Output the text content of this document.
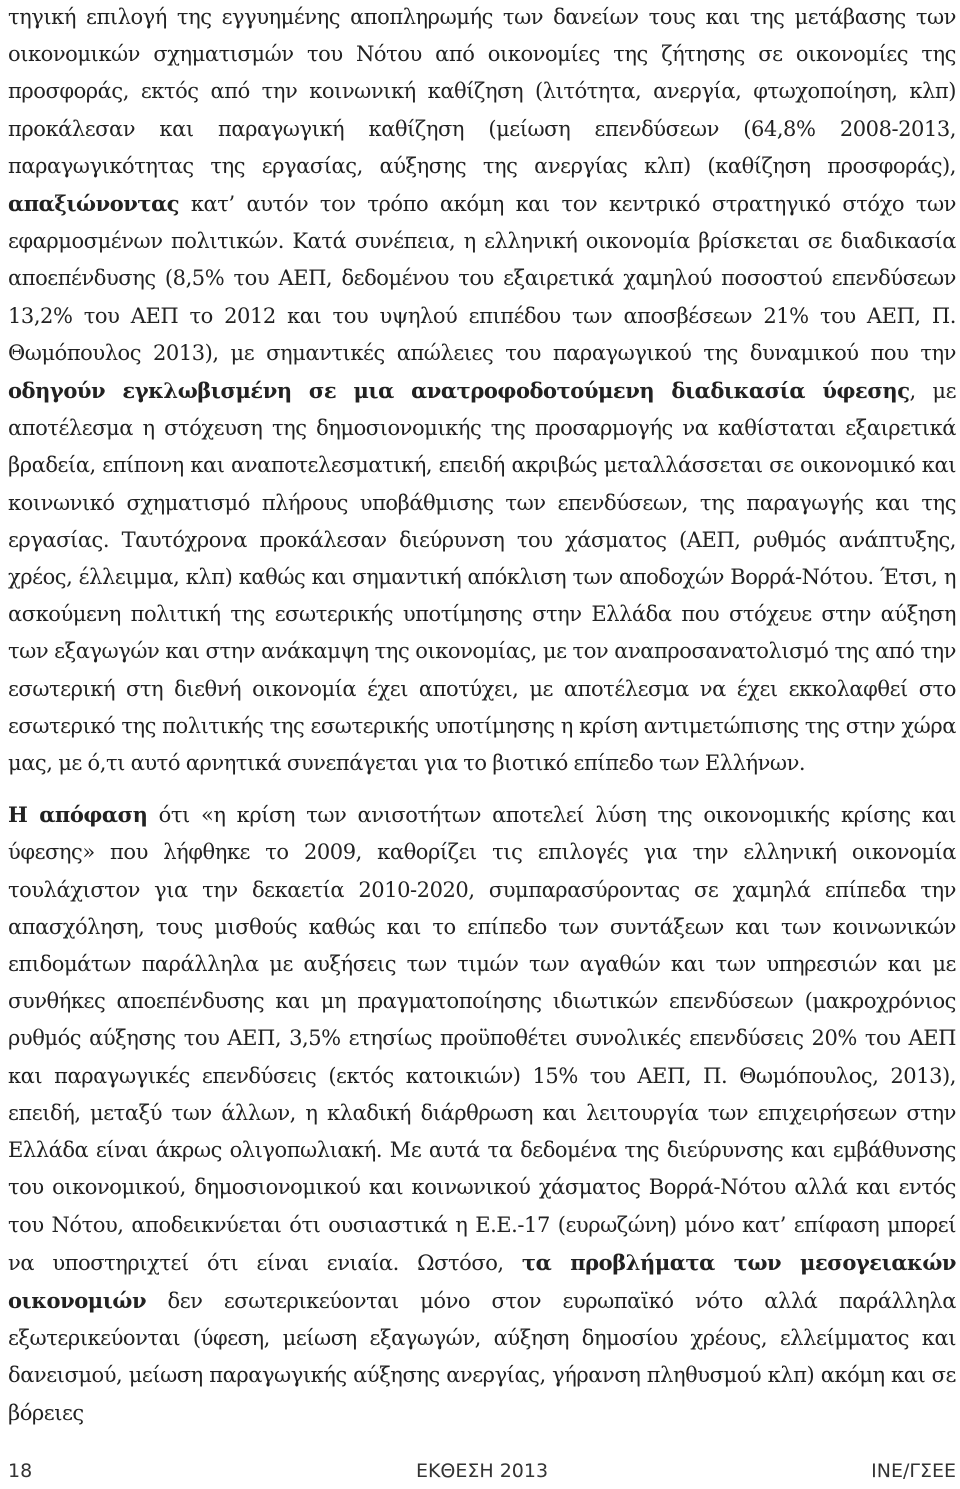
τηγική επιλογή της εγγυημένης αποπληρωμής των δανείων τους και της μετάβασης των οικονομικών σχηματισμών του Νότου από οικονομίες της ζήτησης σε οικονομίες της προσφοράς, εκτός από την κοινωνική καθίζηση (λιτότητα, ανεργία, φτωχοποίηση, κλπ) προκάλεσαν και παραγωγική καθίζηση (μείωση επενδύσεων (64,8% 2008-2013, παραγωγικότητας της εργασίας, αύξησης της ανεργίας κλπ) (καθίζηση προσφοράς), απαξιώνοντας κατ’ αυτόν τον τρόπο ακόμη και τον κεντρικό στρατηγικό στόχο των εφαρμοσμένων πολιτικών. Κατά συνέπεια, η ελληνική οικονομία βρίσκεται σε διαδικασία αποεπένδυσης (8,5% του ΑΕΠ, δεδομένου του εξαιρετικά χαμηλού ποσοστού επενδύσεων 13,2% του ΑΕΠ το 2012 και του υψηλού επιπέδου των αποσβέσεων 21% του ΑΕΠ, Π. Θωμόπουλος 2013), με σημαντικές απώλειες του παραγωγικού της δυναμικού που την οδηγούν εγκλωβισμένη σε μια ανατροφοδοτούμενη διαδικασία ύφεσης, με αποτέλεσμα η στόχευση της δημοσιονομικής της προσαρμογής να καθίσταται εξαιρετικά βραδεία, επίπονη και αναποτελεσματική, επειδή ακριβώς μεταλλάσσεται σε οικονομικό και κοινωνικό σχηματισμό πλήρους υποβάθμισης των επενδύσεων, της παραγωγής και της εργασίας. Ταυτόχρονα προκάλεσαν διεύρυνση του χάσματος (ΑΕΠ, ρυθμός ανάπτυξης, χρέος, έλλειμμα, κλπ) καθώς και σημαντική απόκλιση των αποδοχών Βορρά-Νότου. Έτσι, η ασκούμενη πολιτική της εσωτερικής υποτίμησης στην Ελλάδα που στόχευε στην αύξηση των εξαγωγών και στην ανάκαμψη της οικονομίας, με τον αναπροσανατολισμό της από την εσωτερική στη διεθνή οικονομία έχει αποτύχει, με αποτέλεσμα να έχει εκκολαφθεί στο εσωτερικό της πολιτικής της εσωτερικής υποτίμησης η κρίση αντιμετώπισης της στην χώρα μας, με ό,τι αυτό αρνητικά συνεπάγεται για το βιοτικό επίπεδο των Ελλήνων.

Η απόφαση ότι «η κρίση των ανισοτήτων αποτελεί λύση της οικονομικής κρίσης και ύφεσης» που λήφθηκε το 2009, καθορίζει τις επιλογές για την ελληνική οικονομία τουλάχιστον για την δεκαετία 2010-2020, συμπαρασύροντας σε χαμηλά επίπεδα την απασχόληση, τους μισθούς καθώς και το επίπεδο των συντάξεων και των κοινωνικών επιδομάτων παράλληλα με αυξήσεις των τιμών των αγαθών και των υπηρεσιών και με συνθήκες αποεπένδυσης και μη πραγματοποίησης ιδιωτικών επενδύσεων (μακροχρόνιος ρυθμός αύξησης του ΑΕΠ, 3,5% ετησίως προϋποθέτει συνολικές επενδύσεις 20% του ΑΕΠ και παραγωγικές επενδύσεις (εκτός κατοικιών) 15% του ΑΕΠ, Π. Θωμόπουλος, 2013), επειδή, μεταξύ των άλλων, η κλαδική διάρθρωση και λειτουργία των επιχειρήσεων στην Ελλάδα είναι άκρως ολιγοπωλιακή. Με αυτά τα δεδομένα της διεύρυνσης και εμβάθυνσης του οικονομικού, δημοσιονομικού και κοινωνικού χάσματος Βορρά-Νότου αλλά και εντός του Νότου, αποδεικνύεται ότι ουσιαστικά η Ε.Ε.-17 (ευρωζώνη) μόνο κατ’ επίφαση μπορεί να υποστηριχτεί ότι είναι ενιαία. Ωστόσο, τα προβλήματα των μεσογειακών οικονομιών δεν εσωτερικεύονται μόνο στον ευρωπαϊκό νότο αλλά παράλληλα εξωτερικεύονται (ύφεση, μείωση εξαγωγών, αύξηση δημοσίου χρέους, ελλείμματος και δανεισμού, μείωση παραγωγικής αύξησης ανεργίας, γήρανση πληθυσμού κλπ) ακόμη και σε βόρειες

18	ΕΚΘΕΣΗ 2013	ΙΝΕ/ΓΣΕΕ
